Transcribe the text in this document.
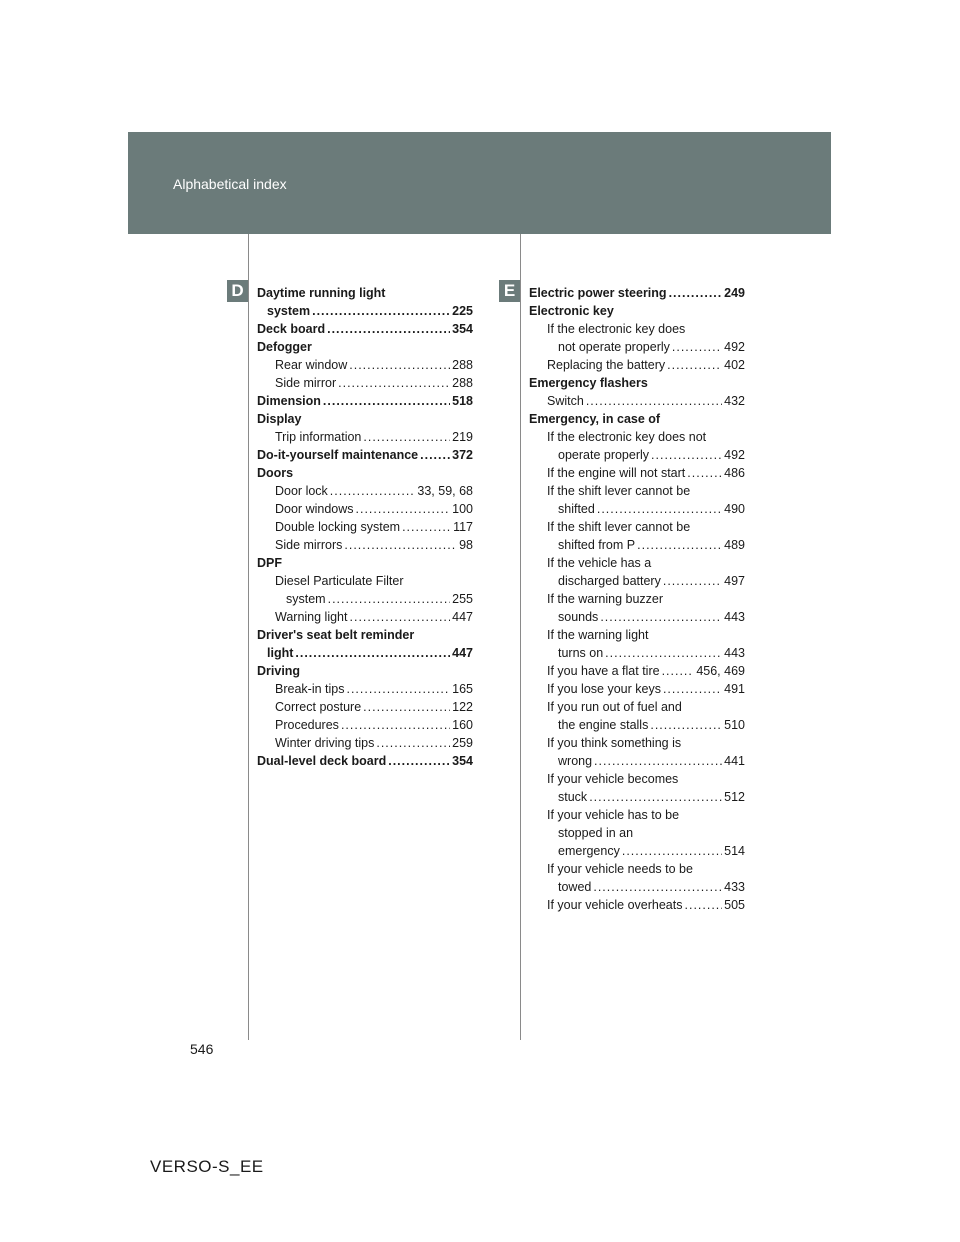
Alphabetical index
D	E
Daytime running light
system .....	225
Deck board .....	354
Defogger
Rear window .....	288
Side mirror .....	288
Dimension .....	518
Display
Trip information .....	219
Do-it-yourself maintenance .....	372
Doors
Door lock .....	33, 59, 68
Door windows .....	100
Double locking system .....	117
Side mirrors .....	98
DPF
Diesel Particulate Filter
system .....	255
Warning light .....	447
Driver's seat belt reminder
light .....	447
Driving
Break-in tips .....	165
Correct posture .....	122
Procedures .....	160
Winter driving tips .....	259
Dual-level deck board .....	354
Electric power steering .....	249
Electronic key
If the electronic key does
not operate properly .....	492
Replacing the battery .....	402
Emergency flashers
Switch .....	432
Emergency, in case of
If the electronic key does not
operate properly .....	492
If the engine will not start .....	486
If the shift lever cannot be
shifted .....	490
If the shift lever cannot be
shifted from P .....	489
If the vehicle has a
discharged battery .....	497
If the warning buzzer
sounds .....	443
If the warning light
turns on .....	443
If you have a flat tire .....	456, 469
If you lose your keys .....	491
If you run out of fuel and
the engine stalls .....	510
If you think something is
wrong .....	441
If your vehicle becomes
stuck .....	512
If your vehicle has to be
stopped in an
emergency .....	514
If your vehicle needs to be
towed .....	433
If your vehicle overheats .....	505
546
VERSO-S_EE
